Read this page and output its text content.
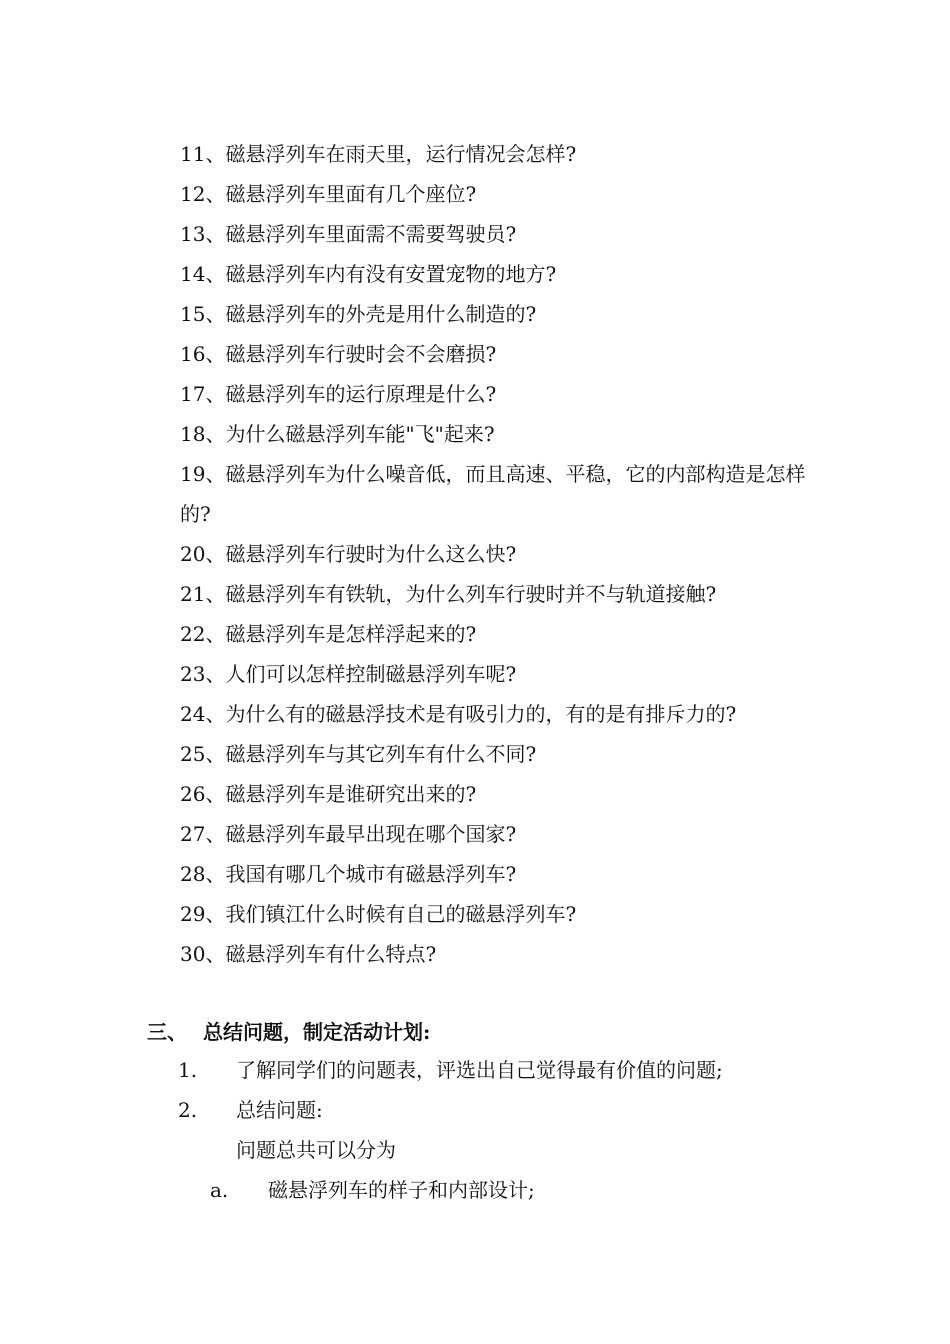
11、磁悬浮列车在雨天里，运行情况会怎样?
12、磁悬浮列车里面有几个座位?
13、磁悬浮列车里面需不需要驾驶员?
14、磁悬浮列车内有没有安置宠物的地方?
15、磁悬浮列车的外壳是用什么制造的?
16、磁悬浮列车行驶时会不会磨损?
17、磁悬浮列车的运行原理是什么?
18、为什么磁悬浮列车能"飞"起来?
19、磁悬浮列车为什么噪音低，而且高速、平稳，它的内部构造是怎样的?
20、磁悬浮列车行驶时为什么这么快?
21、磁悬浮列车有铁轨，为什么列车行驶时并不与轨道接触?
22、磁悬浮列车是怎样浮起来的?
23、人们可以怎样控制磁悬浮列车呢?
24、为什么有的磁悬浮技术是有吸引力的，有的是有排斥力的?
25、磁悬浮列车与其它列车有什么不同?
26、磁悬浮列车是谁研究出来的?
27、磁悬浮列车最早出现在哪个国家?
28、我国有哪几个城市有磁悬浮列车?
29、我们镇江什么时候有自己的磁悬浮列车?
30、磁悬浮列车有什么特点?
三、 总结问题，制定活动计划:
1. 了解同学们的问题表，评选出自己觉得最有价值的问题;
2. 总结问题:
问题总共可以分为
a. 磁悬浮列车的样子和内部设计;
